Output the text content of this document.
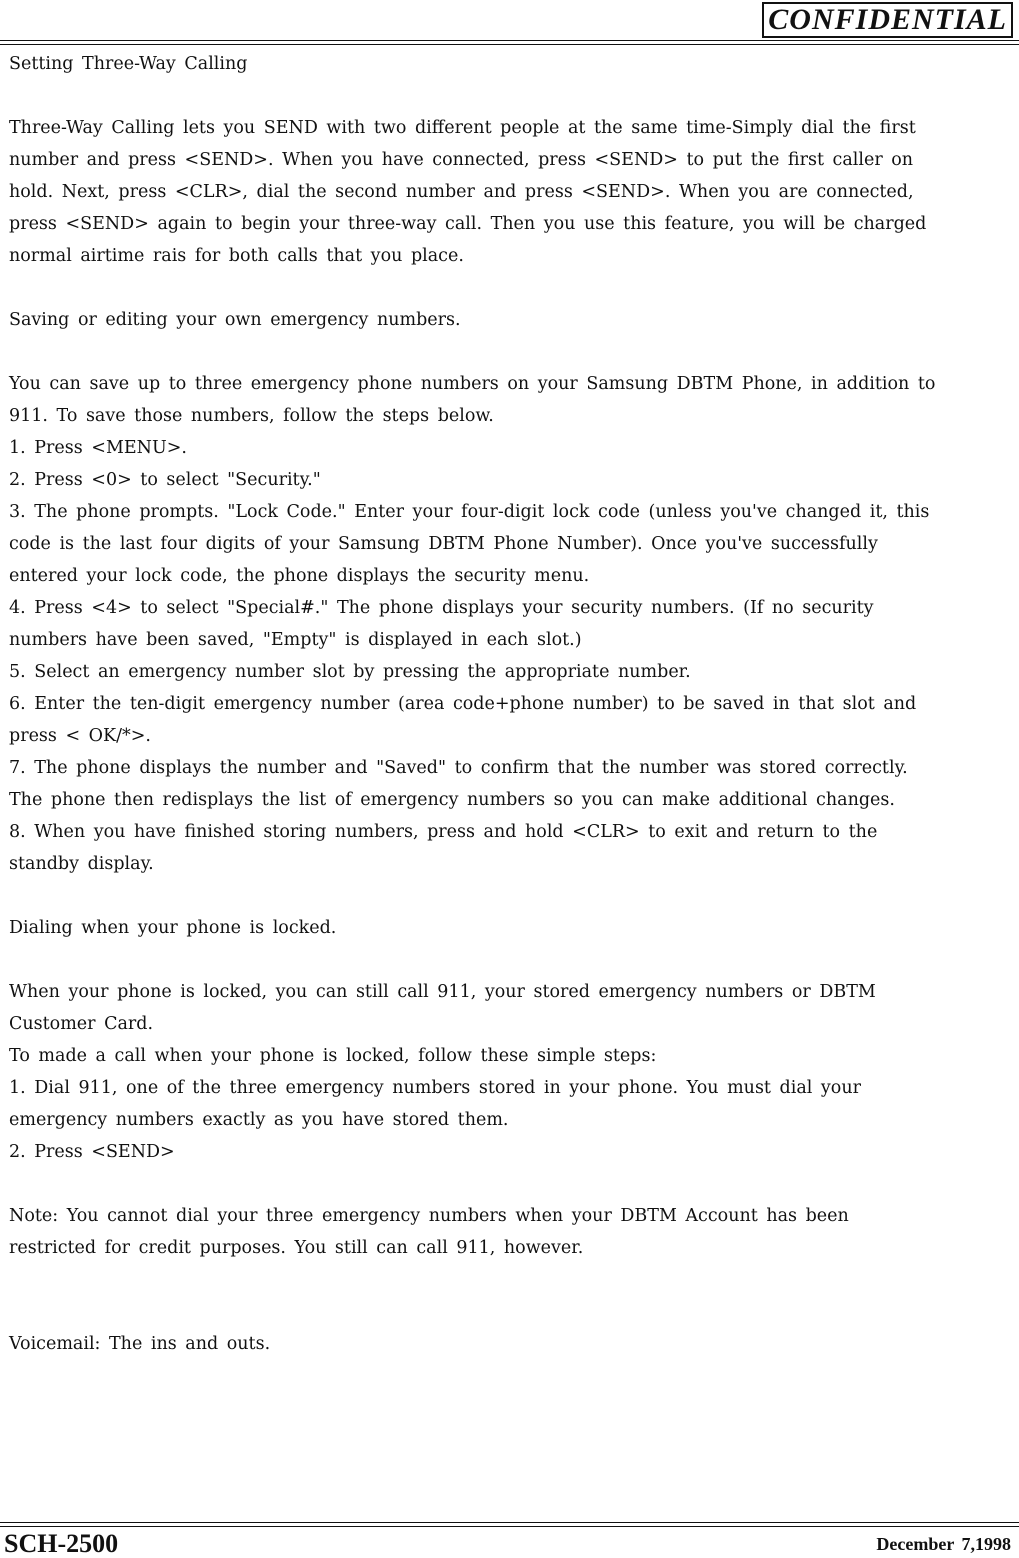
CONFIDENTIAL

Setting Three-Way Calling

Three-Way Calling lets you SEND with two different people at the same time-Simply dial the first

number and press <SEND>. When you have connected, press <SEND> to put the first caller on

hold. Next, press <CLR>, dial the second number and press <SEND>. When you are connected,

press <SEND> again to begin your three-way call. Then you use this feature, you will be charged

normal airtime rais for both calls that you place.

Saving or editing your own emergency numbers.

You can save up to three emergency phone numbers on your Samsung DBTM Phone, in addition to

911. To save those numbers, follow the steps below.

1. Press <MENU>.

2. Press <0> to select "Security."

3. The phone prompts. "Lock Code." Enter your four-digit lock code (unless you've changed it, this

code is the last four digits of your Samsung DBTM Phone Number). Once you've successfully

entered your lock code, the phone displays the security menu.

4. Press <4> to select "Special#." The phone displays your security numbers. (If no security

numbers have been saved, "Empty" is displayed in each slot.)

5. Select an emergency number slot by pressing the appropriate number.

6. Enter the ten-digit emergency number (area code+phone number) to be saved in that slot and

press < OK/*>.

7. The phone displays the number and "Saved" to confirm that the number was stored correctly.

The phone then redisplays the list of emergency numbers so you can make additional changes.

8. When you have finished storing numbers, press and hold <CLR> to exit and return to the

standby display.

Dialing when your phone is locked.

When your phone is locked, you can still call 911, your stored emergency numbers or DBTM

Customer Card.

To made a call when your phone is locked, follow these simple steps:

1. Dial 911, one of the three emergency numbers stored in your phone. You must dial your

emergency numbers exactly as you have stored them.

2. Press <SEND>

Note: You cannot dial your three emergency numbers when your DBTM Account has been

restricted for credit purposes. You still can call 911, however.

Voicemail: The ins and outs.

SCH-2500	December 7,1998
